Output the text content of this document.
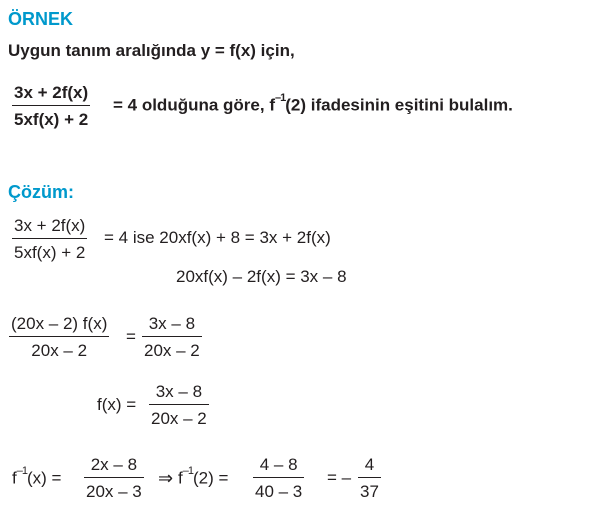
ÖRNEK
Uygun tanım aralığında y = f(x) için,
3x + 2f(x)
5xf(x) + 2
= 4 olduğuna göre, $f^{-1}(2)$ ifadesinin eşitini bulalım.
Çözüm:
3x + 2f(x)
5xf(x) + 2
= 4 ise 20xf(x) + 8 = 3x + 2f(x)
20xf(x) – 2f(x) = 3x – 8
(20x – 2) f(x)
20x – 2
=
3x – 8
20x – 2
f(x) =
3x – 8
20x – 2
$f^{-1}(x)$ =
2x – 8
20x – 3
⇒ $f^{-1}(2)$ =
4 – 8
40 – 3
= –
4
37
